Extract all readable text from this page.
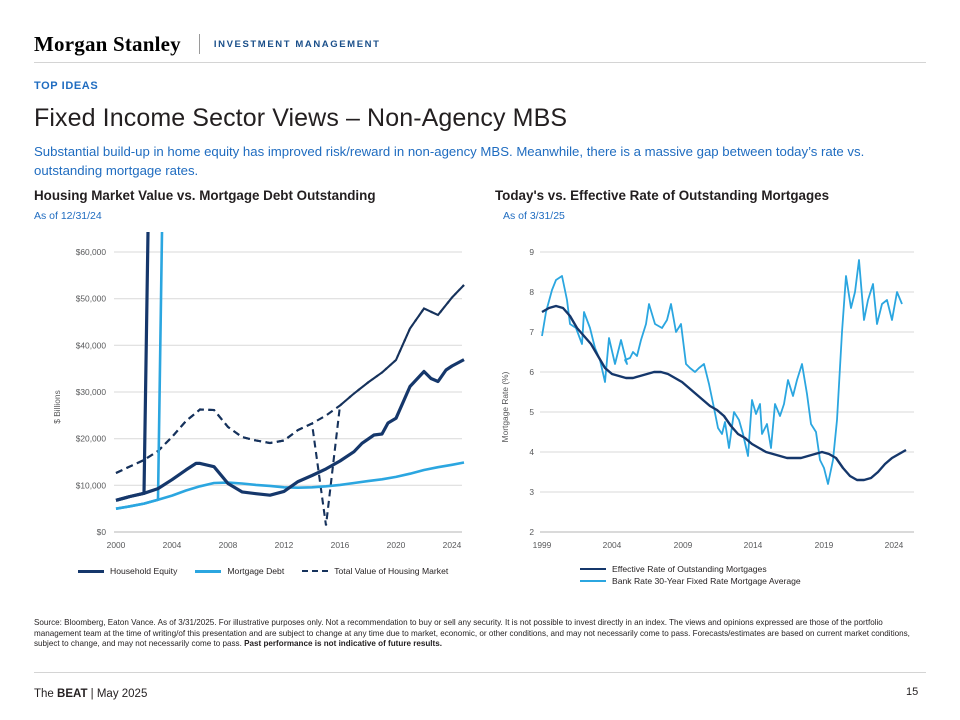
Morgan Stanley	INVESTMENT MANAGEMENT
TOP IDEAS
Fixed Income Sector Views – Non-Agency MBS
Substantial build-up in home equity has improved risk/reward in non-agency MBS. Meanwhile, there is a massive gap between today’s rate vs. outstanding mortgage rates.
Housing Market Value vs. Mortgage Debt Outstanding
As of 12/31/24
$60,000
$50,000
$40,000
$30,000
$20,000
$10,000
$0
$ Billions
2000	2004	2008	2012	2016	2020	2024
Household Equity	Mortgage Debt	Total Value of Housing Market
Today's vs. Effective Rate of Outstanding Mortgages
As of 3/31/25
9
8
7
6
5
4
3
2
Mortgage Rate (%)
1999	2004	2009	2014	2019	2024
Effective Rate of Outstanding Mortgages
Bank Rate 30-Year Fixed Rate Mortgage Average
Source: Bloomberg, Eaton Vance. As of 3/31/2025. For illustrative purposes only. Not a recommendation to buy or sell any security. It is not possible to invest directly in an index. The views and opinions expressed are those of the portfolio management team at the time of writing/of this presentation and are subject to change at any time due to market, economic, or other conditions, and may not necessarily come to pass. Forecasts/estimates are based on current market conditions, subject to change, and may not necessarily come to pass. Past performance is not indicative of future results.
The BEAT | May 2025	15
